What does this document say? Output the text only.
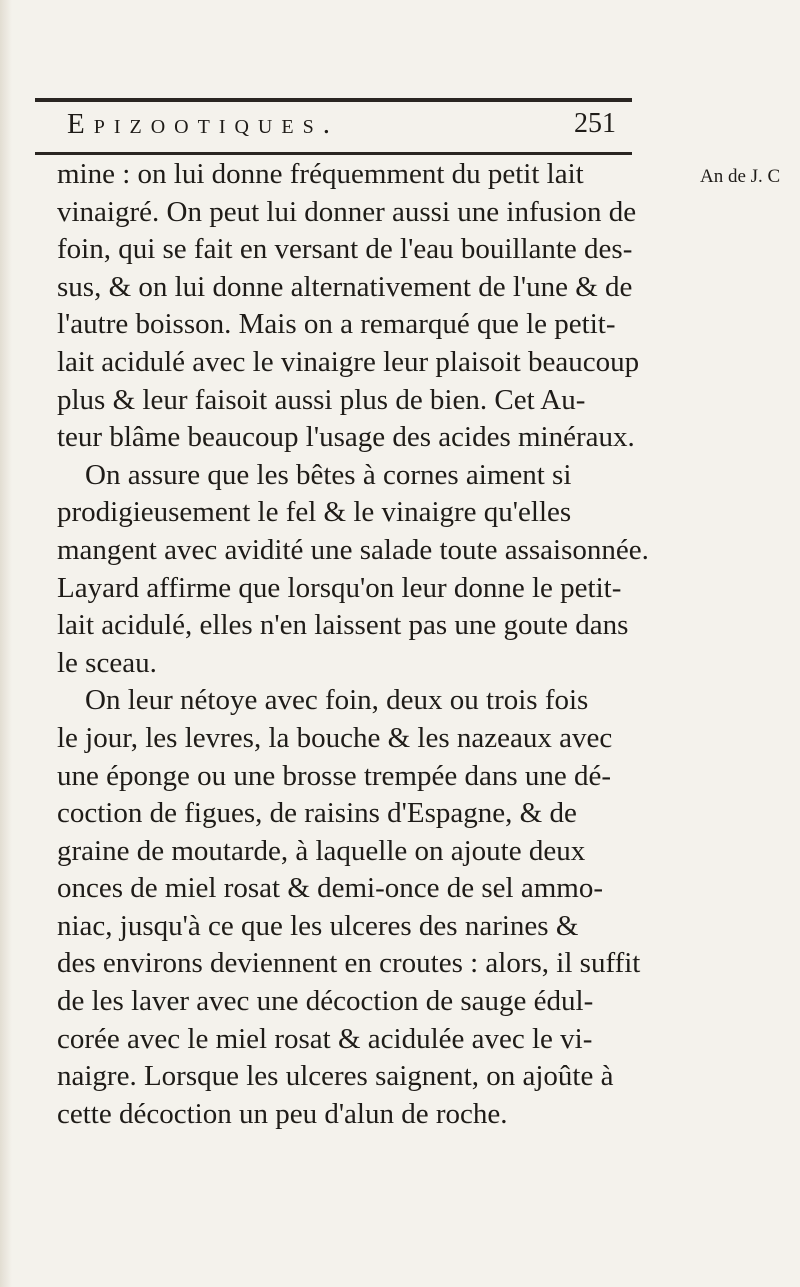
Epizootiques.	251
An de J. C
mine : on lui donne fréquemment du petit lait
vinaigré. On peut lui donner aussi une infusion de
foin, qui se fait en versant de l'eau bouillante des-
sus, & on lui donne alternativement de l'une & de
l'autre boisson. Mais on a remarqué que le petit-
lait acidulé avec le vinaigre leur plaisoit beaucoup
plus & leur faisoit aussi plus de bien. Cet Au-
teur blâme beaucoup l'usage des acides minéraux.
On assure que les bêtes à cornes aiment si
prodigieusement le fel & le vinaigre qu'elles
mangent avec avidité une salade toute assaisonnée.
Layard affirme que lorsqu'on leur donne le petit-
lait acidulé, elles n'en laissent pas une goute dans
le sceau.
On leur nétoye avec foin, deux ou trois fois
le jour, les levres, la bouche & les nazeaux avec
une éponge ou une brosse trempée dans une dé-
coction de figues, de raisins d'Espagne, & de
graine de moutarde, à laquelle on ajoute deux
onces de miel rosat & demi-once de sel ammo-
niac, jusqu'à ce que les ulceres des narines &
des environs deviennent en croutes : alors, il suffit
de les laver avec une décoction de sauge édul-
corée avec le miel rosat & acidulée avec le vi-
naigre. Lorsque les ulceres saignent, on ajoûte à
cette décoction un peu d'alun de roche.
